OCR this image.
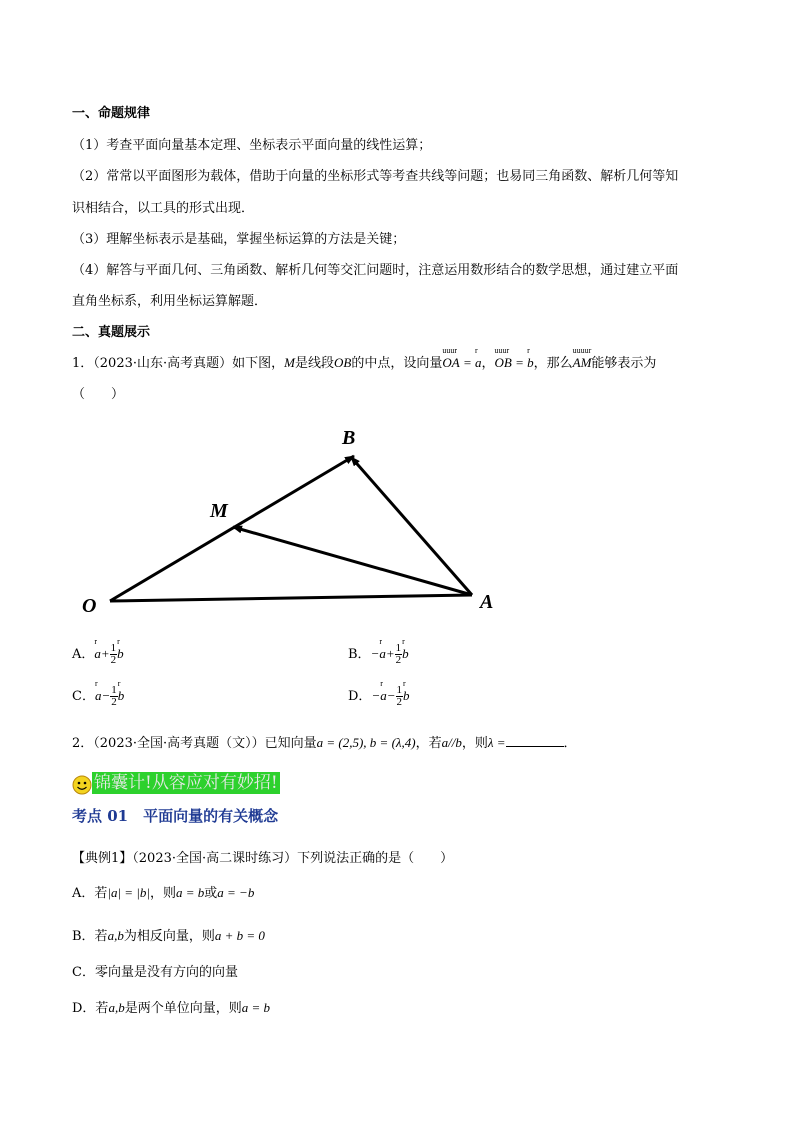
一、命题规律
（1）考查平面向量基本定理、坐标表示平面向量的线性运算；
（2）常常以平面图形为载体，借助于向量的坐标形式等考查共线等问题；也易同三角函数、解析几何等知
识相结合，以工具的形式出现．
（3）理解坐标表示是基础，掌握坐标运算的方法是关键；
（4）解答与平面几何、三角函数、解析几何等交汇问题时，注意运用数形结合的数学思想，通过建立平面
直角坐标系，利用坐标运算解题．
二、真题展示
1．（2023·山东·高考真题）如下图，M是线段OB的中点，设向量
uuur
OA =
r
a，
uuur
OB =
r
b，那么
uuuur
AM能够表示为
（　　）
O	A
B
M
A．
r
$a+ \frac{1}{2}$
r
b	B．−
r
$a+ \frac{1}{2}$
r
b
C．
r
$a- \frac{1}{2}$
r
b	D．−
r
$a- \frac{1}{2}$
r
b
2．（2023·全国·高考真题（文））已知向量a = (2,5), b = (λ,4)，若a//b，则λ =	．
锦囊计!从容应对有妙招!
考点 01　平面向量的有关概念
【典例1】（2023·全国·高二课时练习）下列说法正确的是（　　）
A．若|a| = |b|，则a = b或a = −b
B．若a,b为相反向量，则a + b = 0
C．零向量是没有方向的向量
D．若a,b是两个单位向量，则a = b
